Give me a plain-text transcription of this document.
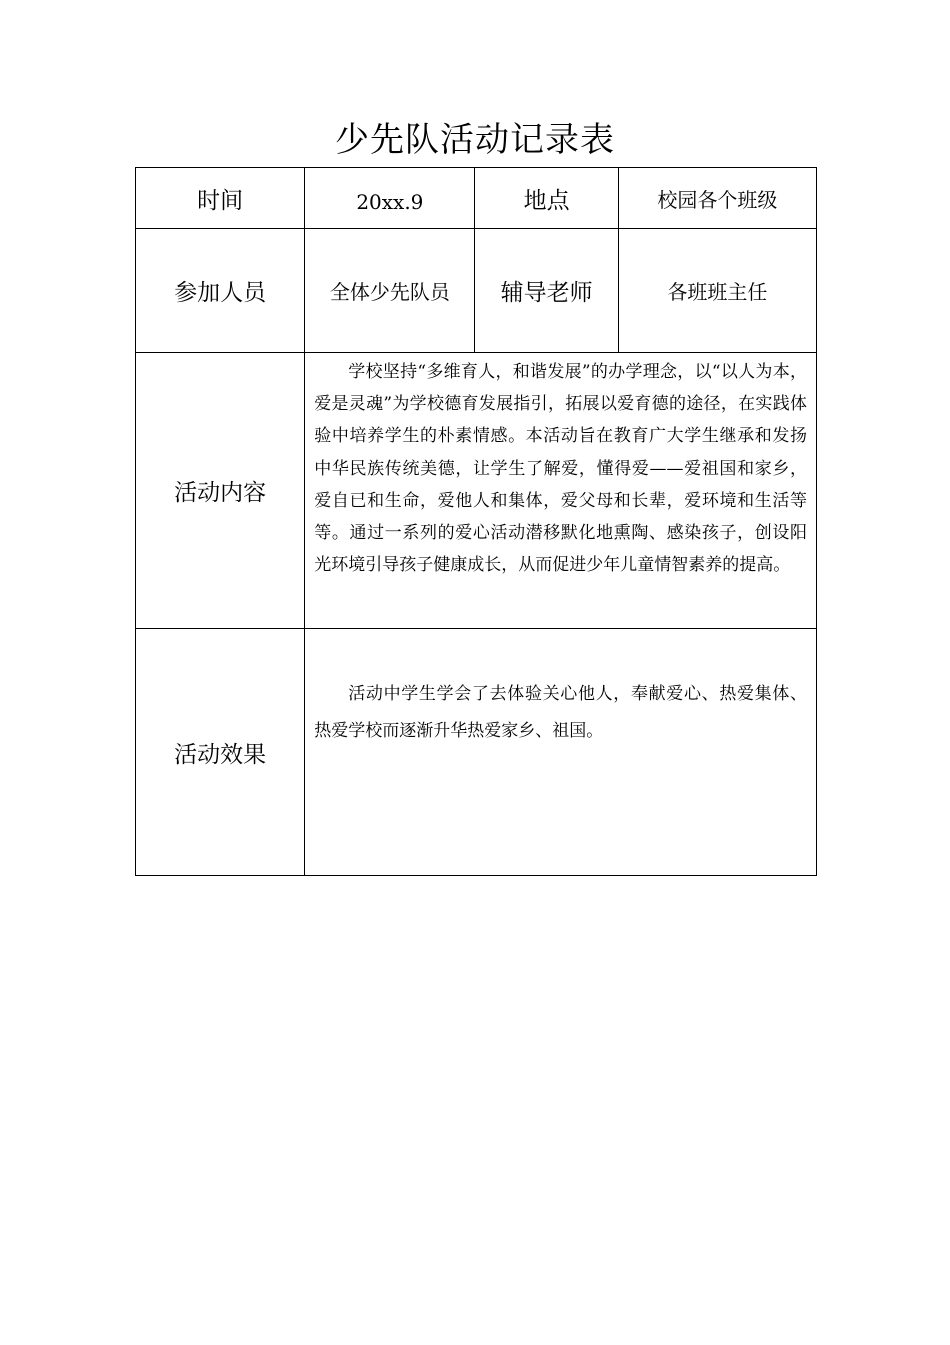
少先队活动记录表
时间	20xx.9	地点	校园各个班级
参加人员	全体少先队员	辅导老师	各班班主任
活动内容	学校坚持“多维育人，和谐发展”的办学理念，以“以人为本，爱是灵魂”为学校德育发展指引，拓展以爱育德的途径，在实践体验中培养学生的朴素情感。本活动旨在教育广大学生继承和发扬中华民族传统美德，让学生了解爱，懂得爱——爱祖国和家乡，爱自已和生命，爱他人和集体，爱父母和长辈，爱环境和生活等等。通过一系列的爱心活动潜移默化地熏陶、感染孩子，创设阳光环境引导孩子健康成长，从而促进少年儿童情智素养的提高。		

活动效果	活动中学生学会了去体验关心他人，奉献爱心、热爱集体、热爱学校而逐渐升华热爱家乡、祖国。		
